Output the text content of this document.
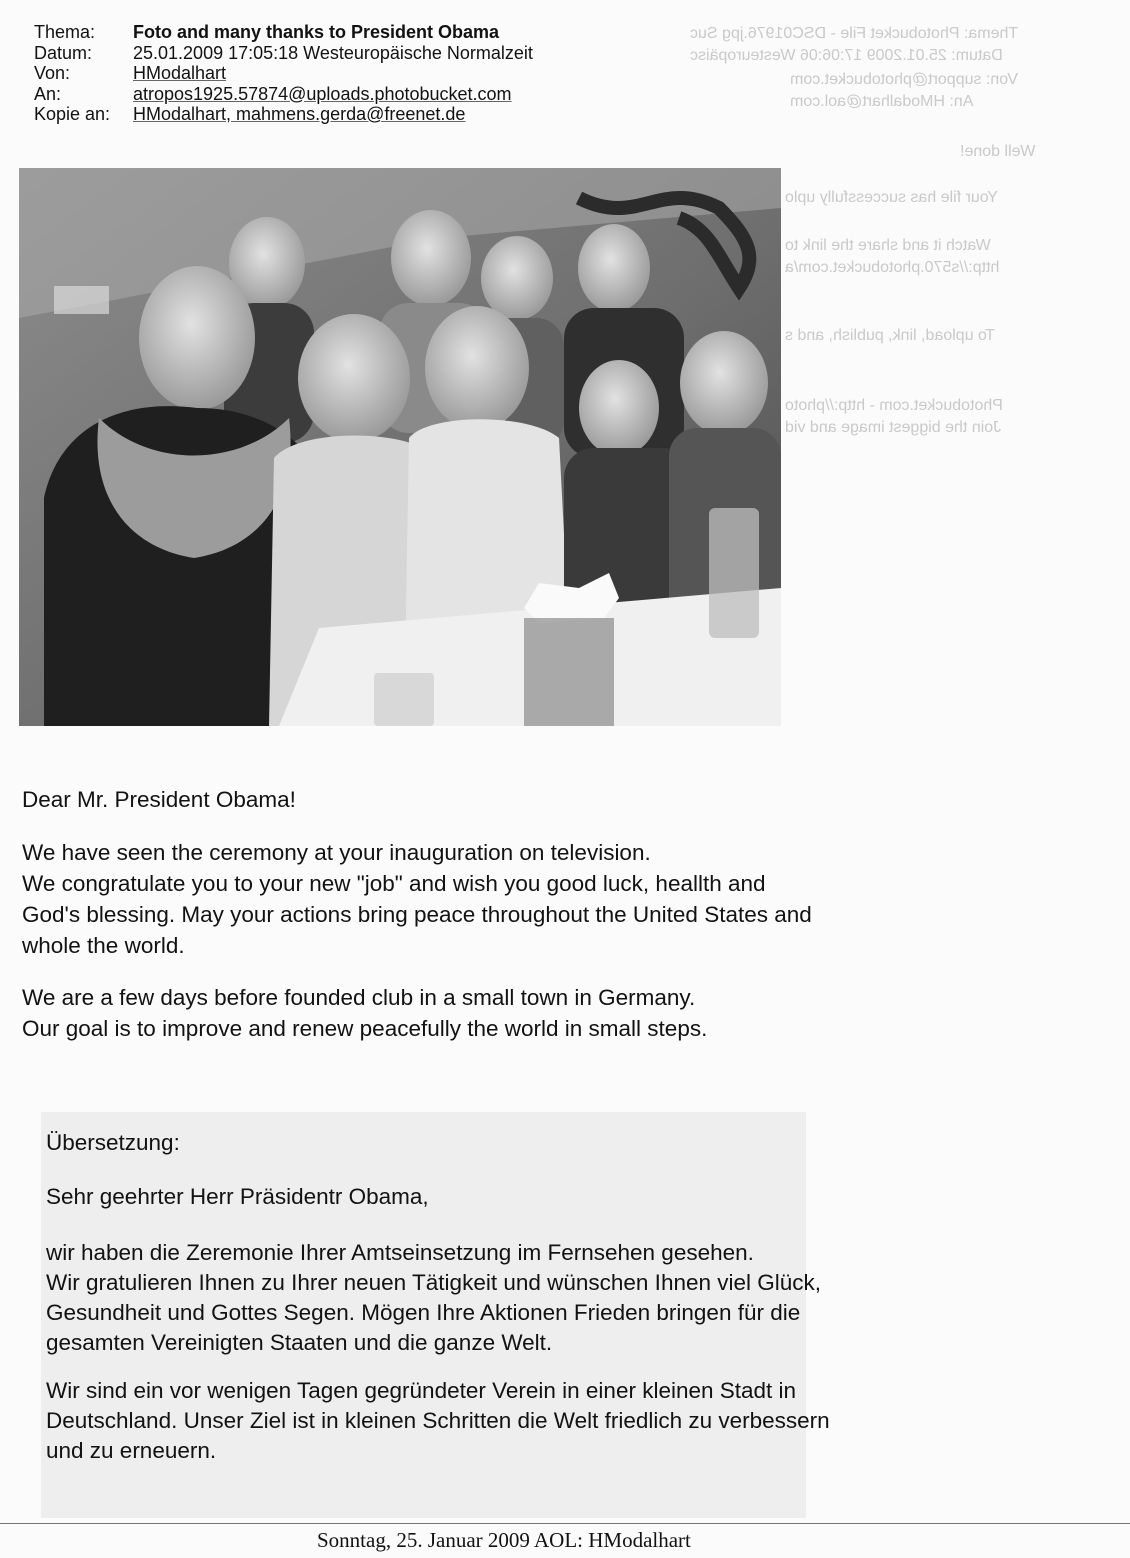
Thema: Photobucket File - DSC01976.jpg Suc
Datum: 25.01.2009 17:06:06 Westeuropäisc
Von: support@photobucket.com
An: HModalhart@aol.com
Well done!
Your file has successfully uplo
Watch it and share the link to
http://s570.photobucket.com/a
To upload, link, publish, and s
Photobucket.com - http://photo
Join the biggest image and vid
Thema:	Foto and many thanks to President Obama
Datum:	25.01.2009 17:05:18 Westeuropäische Normalzeit
Von:	HModalhart
An:	atropos1925.57874@uploads.photobucket.com
Kopie an:	HModalhart, mahmens.gerda@freenet.de

Dear Mr. President Obama!

We have seen the ceremony at your inauguration on television.

We congratulate you to your new "job" and wish you good luck, heallth and

God's blessing. May your actions bring peace throughout the United States and

whole the world.

We are a few days before founded club in a small town in Germany.

Our goal is to improve and renew peacefully the world in small steps.

Übersetzung:

Sehr geehrter Herr Präsidentr Obama,

wir haben die Zeremonie Ihrer Amtseinsetzung im Fernsehen gesehen.

Wir gratulieren Ihnen zu Ihrer neuen Tätigkeit und wünschen Ihnen viel Glück,

Gesundheit und Gottes Segen. Mögen Ihre Aktionen Frieden bringen für die

gesamten Vereinigten Staaten und die ganze Welt.

Wir sind ein vor wenigen Tagen gegründeter Verein in einer kleinen Stadt in

Deutschland. Unser Ziel ist in kleinen Schritten die Welt friedlich zu verbessern

und zu erneuern.

Sonntag, 25. Januar 2009 AOL: HModalhart
